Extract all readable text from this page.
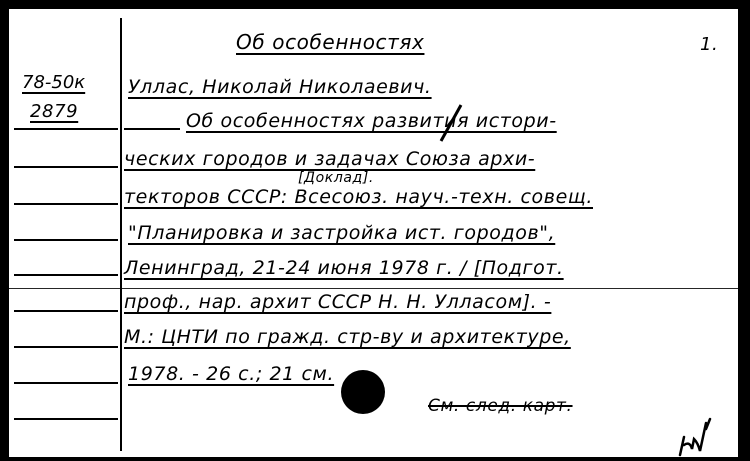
Об особенностях	1.
78-50к
2879
Уллас, Николай Николаевич.
Об особенностях развития истори-
ческих городов и задачах Союза архи-
[Доклад].
текторов СССР: Всесоюз. науч.-техн. совещ.
"Планировка и застройка ист. городов",
Ленинград, 21-24 июня 1978 г. / [Подгот.
проф., нар. архит СССР Н. Н. Улласом]. -
М.: ЦНТИ по гражд. стр-ву и архитектуре,
1978. - 26 с.; 21 см.
См. след. карт.
